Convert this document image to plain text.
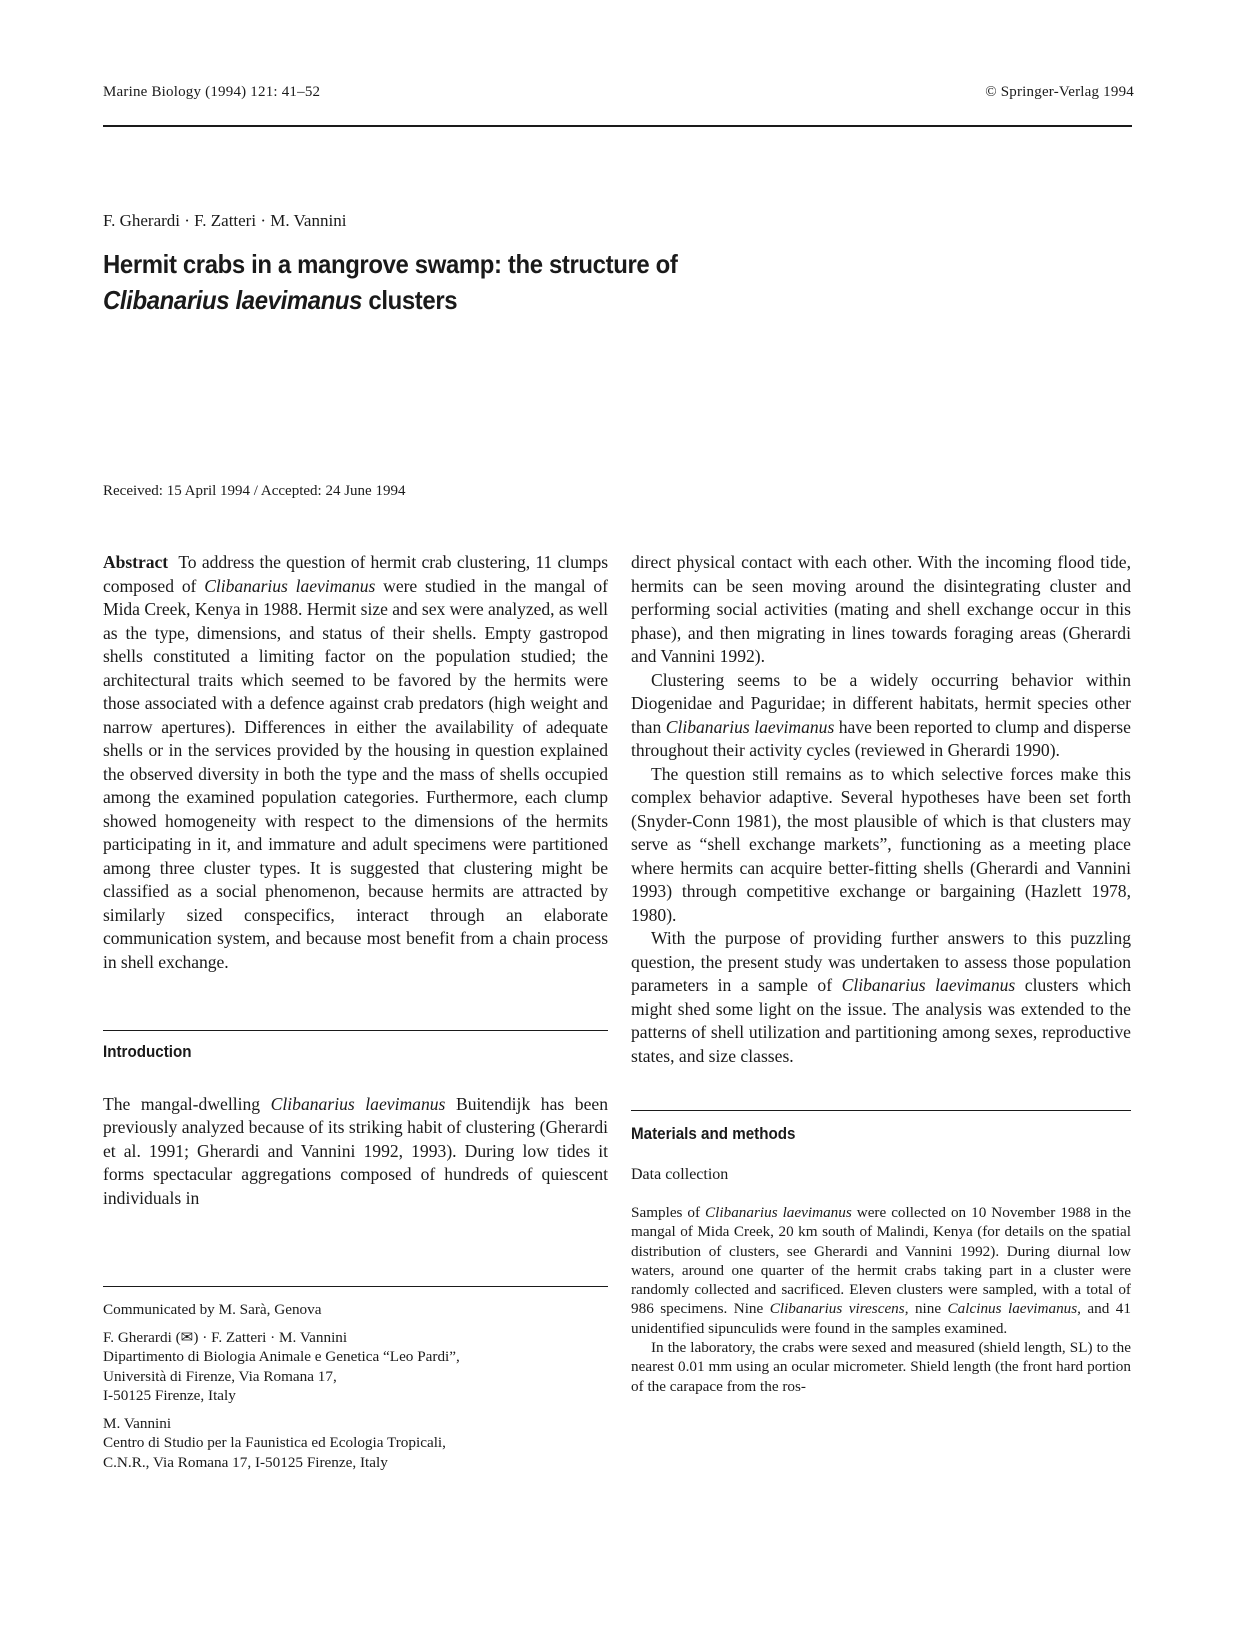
Marine Biology (1994) 121: 41–52	© Springer-Verlag 1994
F. Gherardi · F. Zatteri · M. Vannini
Hermit crabs in a mangrove swamp: the structure of
Clibanarius laevimanus clusters
Received: 15 April 1994 / Accepted: 24 June 1994

Abstract  To address the question of hermit crab clustering, 11 clumps composed of Clibanarius laevimanus were studied in the mangal of Mida Creek, Kenya in 1988. Hermit size and sex were analyzed, as well as the type, dimensions, and status of their shells. Empty gastropod shells constituted a limiting factor on the population studied; the architectural traits which seemed to be favored by the hermits were those associated with a defence against crab predators (high weight and narrow apertures). Differences in either the availability of adequate shells or in the services provided by the housing in question explained the observed diversity in both the type and the mass of shells occupied among the examined population categories. Furthermore, each clump showed homogeneity with respect to the dimensions of the hermits participating in it, and immature and adult specimens were partitioned among three cluster types. It is suggested that clustering might be classified as a social phenomenon, because hermits are attracted by similarly sized conspecifics, interact through an elaborate communication system, and because most benefit from a chain process in shell exchange.

Introduction

The mangal-dwelling Clibanarius laevimanus Buitendijk has been previously analyzed because of its striking habit of clustering (Gherardi et al. 1991; Gherardi and Vannini 1992, 1993). During low tides it forms spectacular aggregations composed of hundreds of quiescent individuals in

Communicated by M. Sarà, Genova

F. Gherardi (✉) · F. Zatteri · M. Vannini

Dipartimento di Biologia Animale e Genetica “Leo Pardi”,

Università di Firenze, Via Romana 17,

I-50125 Firenze, Italy

M. Vannini

Centro di Studio per la Faunistica ed Ecologia Tropicali,

C.N.R., Via Romana 17, I-50125 Firenze, Italy

direct physical contact with each other. With the incoming flood tide, hermits can be seen moving around the disintegrating cluster and performing social activities (mating and shell exchange occur in this phase), and then migrating in lines towards foraging areas (Gherardi and Vannini 1992).

Clustering seems to be a widely occurring behavior within Diogenidae and Paguridae; in different habitats, hermit species other than Clibanarius laevimanus have been reported to clump and disperse throughout their activity cycles (reviewed in Gherardi 1990).

The question still remains as to which selective forces make this complex behavior adaptive. Several hypotheses have been set forth (Snyder-Conn 1981), the most plausible of which is that clusters may serve as “shell exchange markets”, functioning as a meeting place where hermits can acquire better-fitting shells (Gherardi and Vannini 1993) through competitive exchange or bargaining (Hazlett 1978, 1980).

With the purpose of providing further answers to this puzzling question, the present study was undertaken to assess those population parameters in a sample of Clibanarius laevimanus clusters which might shed some light on the issue. The analysis was extended to the patterns of shell utilization and partitioning among sexes, reproductive states, and size classes.

Materials and methods
Data collection

Samples of Clibanarius laevimanus were collected on 10 November 1988 in the mangal of Mida Creek, 20 km south of Malindi, Kenya (for details on the spatial distribution of clusters, see Gherardi and Vannini 1992). During diurnal low waters, around one quarter of the hermit crabs taking part in a cluster were randomly collected and sacrificed. Eleven clusters were sampled, with a total of 986 specimens. Nine Clibanarius virescens, nine Calcinus laevimanus, and 41 unidentified sipunculids were found in the samples examined.

In the laboratory, the crabs were sexed and measured (shield length, SL) to the nearest 0.01 mm using an ocular micrometer. Shield length (the front hard portion of the carapace from the ros-
